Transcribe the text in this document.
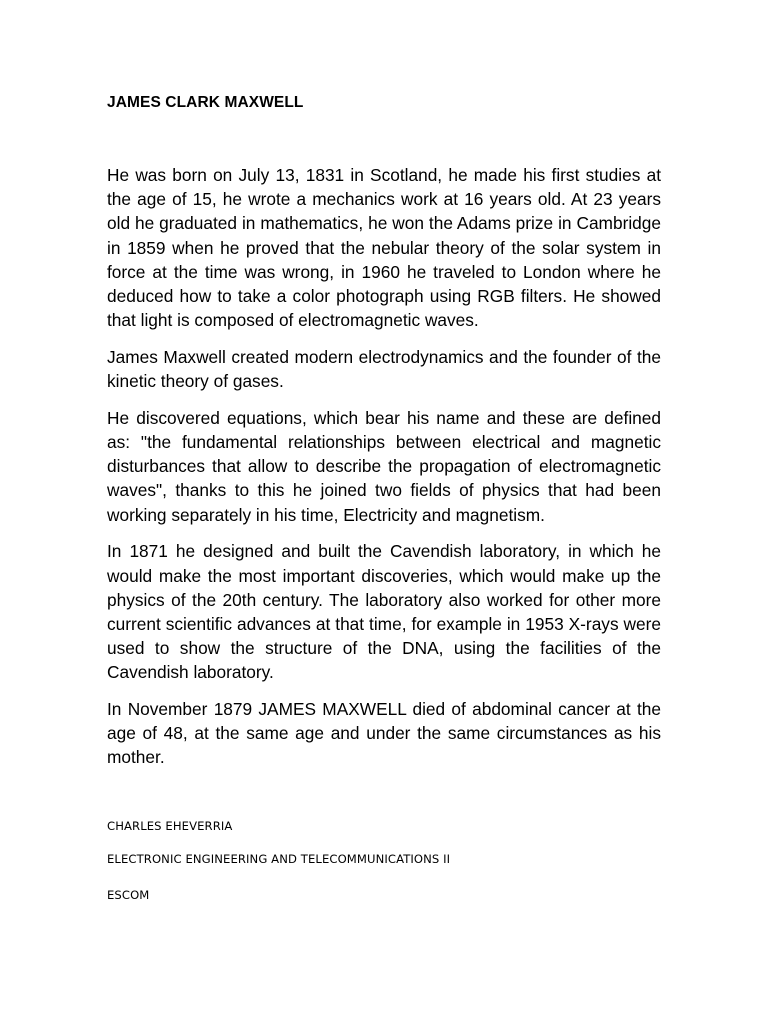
JAMES CLARK MAXWELL

He was born on July 13, 1831 in Scotland, he made his first studies at the age of 15, he wrote a mechanics work at 16 years old. At 23 years old he graduated in mathematics, he won the Adams prize in Cambridge in 1859 when he proved that the nebular theory of the solar system in force at the time was wrong, in 1960 he traveled to London where he deduced how to take a color photograph using RGB filters. He showed that light is composed of electromagnetic waves.

James Maxwell created modern electrodynamics and the founder of the kinetic theory of gases.

He discovered equations, which bear his name and these are defined as: "the fundamental relationships between electrical and magnetic disturbances that allow to describe the propagation of electromagnetic waves", thanks to this he joined two fields of physics that had been working separately in his time, Electricity and magnetism.

In 1871 he designed and built the Cavendish laboratory, in which he would make the most important discoveries, which would make up the physics of the 20th century. The laboratory also worked for other more current scientific advances at that time, for example in 1953 X-rays were used to show the structure of the DNA, using the facilities of the Cavendish laboratory.

In November 1879 JAMES MAXWELL died of abdominal cancer at the age of 48, at the same age and under the same circumstances as his mother.

CHARLES EHEVERRIA

ELECTRONIC ENGINEERING AND TELECOMMUNICATIONS II

ESCOM
